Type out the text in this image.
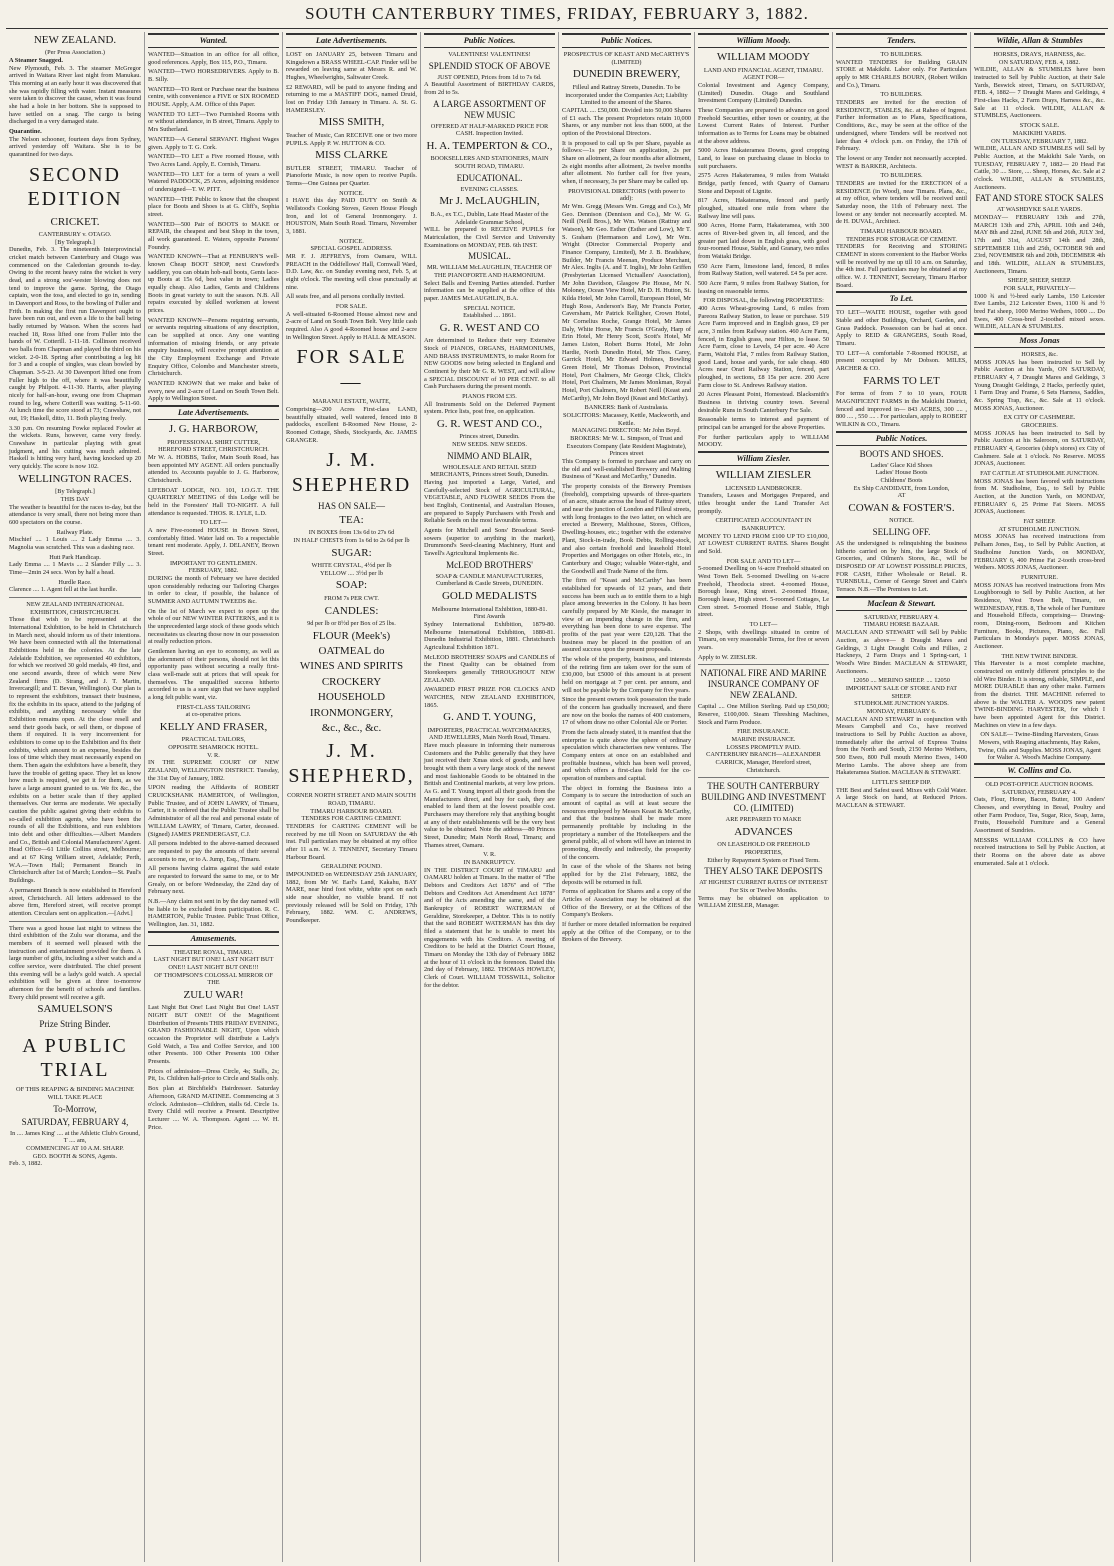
SOUTH CANTERBURY TIMES, FRIDAY, FEBRUARY 3, 1882.
NEW ZEALAND.
(Per Press Association.)
A Steamer Snagged.

New Plymouth, Feb. 3. The steamer McGregor arrived in Waitara River last night from Manukau. This morning at an early hour it was discovered that she was rapidly filling with water. Instant measures were taken to discover the cause, when it was found she had a hole in her bottom. She is supposed to have settled on a snag. The cargo is being discharged in a very damaged state.

Quarantine.

The Nelson schooner, fourteen days from Sydney, arrived yesterday off Waitara. She is to be quarantined for two days.

SECOND EDITION
CRICKET.
CANTERBURY v. OTAGO.
[By Telegraph.]

Dunedin, Feb. 3. The nineteenth Interprovincial cricket match between Canterbury and Otago was commenced on the Caledonian grounds to-day. Owing to the recent heavy rains the wicket is very dead, and a strong sou'-wester blowing does not tend to improve the game. Spring, the Otago captain, won the toss, and elected to go in, sending in Davenport and Ross, to the bowling of Fuller and Frith. In making the first run Davenport ought to have been run out, and even a life to the ball being badly returned by Watson. When the scores had reached 18, Ross lifted one from Fuller into the hands of W. Cotterill. 1-11-18. Collinson received two balls from Chapman and played the third on his wicket. 2-0-18. Spring after contributing a leg hit for 3 and a couple of singles, was clean bowled by Chapman. 3-5-23. At 30 Davenport lifted one from Fuller high to the off, where it was beautifully caught by Philpott. 4-11-30. Harris, after playing nicely for half-an-hour, swung one from Chapman round to leg, where Cotterill was waiting. 5-11-60. At lunch time the score stood at 73; Crawshaw, not out, 19; Haskell, ditto, 11. Both playing freely.

3.30 p.m. On resuming Fowke replaced Fowler at the wickets. Runs, however, came very freely. Crawshaw in particular playing with great judgment, and his cutting was much admired. Haskell is hitting very hard, having knocked up 20 very quickly. The score is now 102.

WELLINGTON RACES.
[By Telegraph.]
THIS DAY

The weather is beautiful for the races to-day, but the attendance is very small, there not being more than 600 spectators on the course.

Railway Plate.

Mischief .... 1 Louis .... 2 Lady Emma .... 3. Magnolia was scratched. This was a dashing race.

Hutt Park Handicap.

Lady Emma .... 1 Mavis .... 2 Slander Filly .... 3. Time—2min 24 secs. Won by half a head.

Hurdle Race.

Clarence .... 1. Agent fell at the last hurdle.

NEW ZEALAND INTERNATIONAL EXHIBITION, CHRISTCHURCH.

Those that wish to be represented at the International Exhibition, to be held in Christchurch in March next, should inform us of their intentions. We have been connected with all the International Exhibitions held in the colonies. At the late Adelaide Exhibition, we represented 40 exhibitors, for which we received 30 gold medals, 49 first, and one second awards, three of which were New Zealand firms (D. Strang, and J. T. Martin, Invercargill; and T. Bevan, Wellington). Our plan is to represent the exhibitors, transact their business, fix the exhibits in its space, attend to the judging of exhibits, and anything necessary while the Exhibition remains open. At the close resell and send their goods back, or sell them, or dispose of them if required. It is very inconvenient for exhibitors to come up to the Exhibition and fix their exhibits, which amount to an expense, besides the loss of time which they must necessarily expend on them. Then again the exhibitors have a benefit, they have the trouble of getting space. They let us know how much is required, we get it for them, as we have a large amount granted to us. We fix &c., the exhibits on a better scale than if they applied themselves. Our terms are moderate. We specially caution the public against giving their exhibits to so-called exhibition agents, who have been the rounds of all the Exhibitions, and run exhibitors into debt and other difficulties.—Albert Manders and Co., British and Colonial Manufacturers' Agent. Head Office—61 Little Collins street, Melbourne; and at 67 King William street, Adelaide; Perth, W.A.—Town Hall; Permanent Branch in Christchurch after 1st of March; London—St. Paul's Buildings.

A permanent Branch is now established in Hereford street, Christchurch. All letters addressed to the above firm, Hereford street, will receive prompt attention. Circulars sent on application.—[Advt.]

There was a good house last night to witness the third exhibition of the Zulu war diorama, and the members of it seemed well pleased with the instruction and entertainment provided for them. A large number of gifts, including a silver watch and a coffee service, were distributed. The chief present this evening will be a lady's gold watch. A special exhibition will be given at three to-morrow afternoon for the benefit of schools and families. Every child present will receive a gift.

SAMUELSON'S
Prize String Binder.
A PUBLIC TRIAL
OF THIS REAPING & BINDING MACHINE WILL TAKE PLACE
To-Morrow,
SATURDAY, FEBRUARY 4,
In .... James King' .... at the Athletic Club's Ground, T .... am,
COMMENCING AT 10 A.M. SHARP.
GEO. BOOTH & SONS, Agents.

Feb. 3, 1882.

Wanted.

WANTED—Situation in an office for all office, good references. Apply, Box 115, P.O., Timaru.

WANTED—TWO HORSEDRIVERS. Apply to B. B. Silly.

WANTED—TO Rent or Purchase near the business centre, with convenience a FIVE or SIX ROOMED HOUSE. Apply, A.M. Office of this Paper.

WANTED TO LET—Two Furnished Rooms with or without attendance, in B street, Timaru. Apply to Mrs Sutherland.

WANTED—A General SERVANT. Highest Wages given. Apply to T. G. Cork.

WANTED—TO LET a Five roomed House, with Two Acres Land. Apply, E. Cornish, Timaru.

WANTED—TO LET for a term of years a well Watered PADDOCK, 25 Acres, adjoining residence of undersigned—T. W. PITT.

WANTED—THE Public to know that the cheapest place for Boots and Shoes is at G. Cliff's, Sophia street.

WANTED—500 Pair of BOOTS to MAKE or REPAIR, the cheapest and best Shop in the town, all work guaranteed. E. Waters, opposite Parsons' Foundry.

WANTED KNOWN—That at FENBURN'S well-known Cheap BOOT SHOP, next Crawford's saddlery, you can obtain hob-nail boots, Gents lace-up Boots at 15s 6d, best value in town; Ladies equally cheap. Also Ladies, Gents and Childrens Boots in great variety to suit the season. N.B. All repairs executed by skilled workmen at lowest prices.

WANTED KNOWN—Persons requiring servants, or servants requiring situations of any description, can be supplied at once. Any one wanting information of missing friends, or any private enquiry business, will receive prompt attention at the City Employment Exchange and Private Enquiry Office, Colombo and Manchester streets, Christchurch.

WANTED KNOWN that we make and bake of every, new and 2-acre of Land on South Town Belt. Apply to Wellington Street.

Late Advertisements.
J. G. HARBOROW,
PROFESSIONAL SHIRT CUTTER,
HEREFORD STREET, CHRISTCHURCH.

Mr W. A. HOBBS, Tailor, Main South Road, has been appointed MY AGENT. All orders punctually attended to. Accounts payable to J. G. Harborow, Christchurch.

LIFEBOAT LODGE, NO. 101, I.O.G.T. THE QUARTERLY MEETING of this Lodge will be held in the Foresters' Hall TO-NIGHT. A full attendance is requested. THOS. R. LYLE, L.D.

TO LET—

A new Five-roomed HOUSE in Brown Street, comfortably fitted. Water laid on. To a respectable tenant rent moderate. Apply, J. DELANEY, Brown Street.

IMPORTANT TO GENTLEMEN.
FEBRUARY, 1882.

DURING the month of February we have decided upon considerably reducing our Tailoring Charges in order to clear, if possible, the balance of SUMMER AND AUTUMN TWEEDS &c.

On the 1st of March we expect to open up the whole of our NEW WINTER PATTERNS, and it is the unprecedented large stock of these goods which necessitates us clearing those now in our possession at really reduction prices.

Gentlemen having an eye to economy, as well as the adornment of their persons, should not let this opportunity pass without securing a really first-class well-made suit at prices that will speak for themselves. The unqualified success hitherto accorded to us is a sure sign that we have supplied a long felt public want, viz.

FIRST-CLASS TAILORING
at co-operative prices.
KELLY AND FRASER,
PRACTICAL TAILORS,
OPPOSITE SHAMROCK HOTEL.
V. R.

IN THE SUPREME COURT OF NEW ZEALAND, WELLINGTON DISTRICT. Tuesday, the 31st Day of January, 1882.

UPON reading the Affidavits of ROBERT CRUICKSHANK HAMERTON, of Wellington, Public Trustee, and of JOHN LAWRY, of Timaru, Carter, it is ordered that the Public Trustee shall be Administrator of all the real and personal estate of WILLIAM LAWRY, of Timaru, Carter, deceased. (Signed) JAMES PRENDERGAST, C.J.

All persons indebted to the above-named deceased are requested to pay the amounts of their several accounts to me, or to A. Jump, Esq., Timaru.

All persons having claims against the said estate are requested to forward the same to me, or to Mr Grealy, on or before Wednesday, the 22nd day of February next.

N.B.—Any claim not sent in by the day named will be liable to be excluded from participation. R. C. HAMERTON, Public Trustee. Public Trust Office, Wellington, Jan. 31, 1882.

Amusements.
THEATRE ROYAL, TIMARU.
LAST NIGHT BUT ONE! LAST NIGHT BUT ONE!! LAST NIGHT BUT ONE!!!
OF THOMPSON'S COLOSSAL MIRROR OF THE
ZULU WAR!

Last Night But One! Last Night But One! LAST NIGHT BUT ONE!! Of the Magnificent Distribution of Presents THIS FRIDAY EVENING, GRAND FASHIONABLE NIGHT, Upon which occasion the Proprietor will distribute a Lady's Gold Watch, a Tea and Coffee Service, and 100 other Presents. 100 Other Presents 100 Other Presents.

Prices of admission—Dress Circle, 4s; Stalls, 2s; Pit, 1s. Children half-price to Circle and Stalls only.

Box plan at Birchfield's Hairdresser. Saturday Afternoon, GRAND MATINEE. Commencing at 3 o'clock. Admission—Children, stalls 6d. Circle 1s. Every Child will receive a Present. Descriptive Lecturer .... W. A. Thompson. Agent .... W. H. Price.

Late Advertisements.

LOST on JANUARY 25, between Timaru and Kingsdown a BRASS WHEEL-CAP. Finder will be rewarded on leaving same at Messrs R. and W. Hughes, Wheelwrights, Saltwater Creek.

£2 REWARD, will be paid to anyone finding and returning to me a MASTIFF DOG, named Druid, lost on Friday 13th January in Timaru. A. St. G. HAMERSLEY.

MISS SMITH,

Teacher of Music, Can RECEIVE one or two more PUPILS. Apply P. W. HUTTON & CO.

MISS CLARKE

BUTLER STREET, TIMARU. Teacher of Pianoforte Music, is now open to receive Pupils. Terms—One Guinea per Quarter.

NOTICE.

I HAVE this day PAID DUTY on Smith & Wellstood's Cooking Stoves, Green House Plough Iron, and lot of General Ironmongery. J. HOUSTON, Main South Road. Timaru, November 3, 1881.

NOTICE.
SPECIAL GOSPEL ADDRESS.

MR F. J. JEFFREYS, from Oamaru, WILL PREACH in the Oddfellows' Hall, Cornwall Ward, D.D. Law, &c. on Sunday evening next, Feb. 5, at eight o'clock. The meeting will close punctually at nine.

All seats free, and all persons cordially invited.

FOR SALE.

A well-situated 6-Roomed House almost new and 2-acre of Land on South Town Belt. Very little cash required. Also A good 4-Roomed house and 2-acre in Wellington Street. Apply to HALL & MEASON.

FOR SALE—
MARANUI ESTATE, WAITE,

Comprising—200 Acres First-class LAND, beautifully situated, well watered, fenced into 8 paddocks, excellent 8-Roomed New House, 2-Roomed Cottage, Sheds, Stockyards, &c. JAMES GRANGER.

J. M. SHEPHERD
HAS ON SALE—
TEA:
IN BOXES from 13s 6d to 27s 6d
IN HALF CHESTS from 1s 6d to 2s 6d per lb
SUGAR:
WHITE CRYSTAL, 4½d per lb
YELLOW .... 3½d per lb
SOAP:
FROM 7s PER CWT.
CANDLES:
9d per lb or 8½d per Box of 25 lbs.
FLOUR (Meek's)
OATMEAL do
WINES AND SPIRITS
CROCKERY
HOUSEHOLD
IRONMONGERY,
&c., &c., &c.
J. M. SHEPHERD,
CORNER NORTH STREET AND MAIN SOUTH ROAD, TIMARU.
TIMARU HARBOUR BOARD.
TENDERS FOR CARTING CEMENT.

TENDERS for CARTING CEMENT will be received by me till Noon on SATURDAY the 4th inst. Full particulars may be obtained at my office after 11 a.m. W. J. TENNENT, Secretary Timaru Harbour Board.

GERALDINE POUND.

IMPOUNDED on WEDNESDAY 25th JANUARY, 1882, from Mr W. Earl's Land, Kakahu, BAY MARE, near hind foot white, white spot on each side near shoulder, no visible brand. If not previously released will be Sold on Friday, 17th February, 1882. WM. C. ANDREWS, Poundkeeper.

Public Notices.
VALENTINES! VALENTINES!
SPLENDID STOCK OF ABOVE
JUST OPENED, Prices from 1d to 7s 6d.

A Beautiful Assortment of BIRTHDAY CARDS, from 2d to 5s.

A LARGE ASSORTMENT OF NEW MUSIC
OFFERED AT HALF-MARKED PRICE FOR CASH. Inspection Invited.
H. A. TEMPERTON & CO.,
BOOKSELLERS AND STATIONERS, MAIN SOUTH ROAD, TIMARU.
EDUCATIONAL.
EVENING CLASSES.
Mr J. McLAUGHLIN,
B.A., ex T.C., Dublin, Late Head Master of the Adelaide Grammar School,

WILL be prepared to RECEIVE PUPILS for Matriculation, the Civil Service and University Examinations on MONDAY, FEB. 6th INST.

MUSICAL.
MR. WILLIAM McLAUGHLIN, TEACHER OF THE PIANOFORTE AND HARMONIUM.

Select Balls and Evening Parties attended. Further information can be supplied at the office of this paper. JAMES McLAUGHLIN, B.A.

SPECIAL NOTICE.
Established .... 1861.
G. R. WEST AND CO

Are determined to Reduce their very Extensive Stock of PIANOS, ORGANS, HARMONIUMS, AND BRASS INSTRUMENTS, to make Room for NEW GOODS now being selected in England and Continent by their Mr G. R. WEST, and will allow a SPECIAL DISCOUNT of 10 PER CENT. to all Cash Purchasers during the present month.

PIANOS FROM £35.

All Instruments Sold on the Deferred Payment system. Price lists, post free, on application.

G. R. WEST AND CO.,
Princes street, Dunedin.
NEW SEEDS. NEW SEEDS.
NIMMO AND BLAIR,
WHOLESALE AND RETAIL SEED MERCHANTS, Princes street South, Dunedin.

Having just imported a Large, Varied, and Carefully-selected Stock of AGRICULTURAL, VEGETABLE, AND FLOWER SEEDS From the best English, Continental, and Australian Houses, are prepared to Supply Purchasers with Fresh and Reliable Seeds on the most favourable terms.

Agents for Mitchell and Sons' Broadcast Seed-sowers (superior to anything in the market), Drummond's Seed-cleaning Machinery, Hunt and Tawell's Agricultural Implements &c.

McLEOD BROTHERS'
SOAP & CANDLE MANUFACTURERS, Cumberland & Castle Streets, DUNEDIN.
GOLD MEDALISTS
Melbourne International Exhibition, 1880-81.
First Awards

Sydney International Exhibition, 1879-80. Melbourne International Exhibition, 1880-81. Dunedin Industrial Exhibition, 1881. Christchurch Agricultural Exhibition 1871.

McLEOD BROTHERS' SOAPS and CANDLES of the Finest Quality can be obtained from Storekeepers generally THROUGHOUT NEW ZEALAND.

AWARDED FIRST PRIZE FOR CLOCKS AND WATCHES, NEW ZEALAND EXHIBITION, 1865.

G. AND T. YOUNG,
IMPORTERS, PRACTICAL WATCHMAKERS, AND JEWELLERS, Main North Road, Timaru.

Have much pleasure in informing their numerous Customers and the Public generally that they have just received their Xmas stock of goods, and have brought with them a very large stock of the newest and most fashionable Goods to be obtained in the British and Continental markets, at very low prices. As G. and T. Young import all their goods from the Manufacturers direct, and buy for cash, they are enabled to land them at the lowest possible cost. Purchasers may therefore rely that anything bought at any of their establishments will be the very best value to be obtained. Note the address—80 Princes Street, Dunedin; Main North Road, Timaru; and Thames street, Oamaru.

V. R.
IN BANKRUPTCY.

IN THE DISTRICT COURT of TIMARU and OAMARU holden at Timaru. In the matter of "The Debtors and Creditors Act 1876" and of "The Debtors and Creditors Act Amendment Act 1878" and of the Acts amending the same, and of the Bankruptcy of ROBERT WATERMAN of Geraldine, Storekeeper, a Debtor. This is to notify that the said ROBERT WATERMAN has this day filed a statement that he is unable to meet his engagements with his Creditors. A meeting of Creditors to be held at the District Court House, Timaru on Monday the 13th day of February 1882 at the hour of 11 o'clock in the forenoon. Dated this 2nd day of February, 1882. THOMAS HOWLEY, Clerk of Court. WILLIAM TOSSWILL, Solicitor for the debtor.

Public Notices.
PROSPECTUS OF KEAST AND McCARTHY'S (LIMITED)
DUNEDIN BREWERY,
Filleul and Rattray Streets, Dunedin. To be incorporated under the Companies Act; Liability Limited to the amount of the Shares.

CAPITAL .... £50,000. Divided into 50,000 Shares of £1 each. The present Proprietors retain 10,000 Shares, or any number not less than 6000, at the option of the Provisional Directors.

It is proposed to call up 9s per Share, payable as follows:—1s per Share on application, 2s per Share on allotment, 2s four months after allotment, 2s eight months after allotment, 2s twelve months after allotment. No further call for five years, when, if necessary, 3s per Share may be called up.

PROVISIONAL DIRECTORS (with power to add):

Mr Wm. Gregg (Messrs Wm. Gregg and Co.), Mr Geo. Dennison (Dennison and Co.), Mr W. G. Neill (Neill Bros.), Mr Wm. Watson (Rattray and Watson), Mr Geo. Esther (Esther and Low), Mr T. S. Graham (Hermanson and Low), Mr Wm. Wright (Director Commercial Property and Finance Company, Limited), Mr J. B. Bradshaw, Builder, Mr Francis Meenan, Produce Merchant, Mr Alex. Inglis (A. and T. Inglis), Mr John Griffen (Presbyterian Licensed Victuallers' Association), Mr John Davidson, Glasgow Pie House, Mr N. Moloney, Ocean View Hotel, Mr D. H. Hutton, St. Kilda Hotel, Mr John Carroll, European Hotel, Mr Hugh Ross, Anderson's Bay, Mr Francis Porter, Caversham, Mr Patrick Kelligher, Crown Hotel, Mr Cornelius Roche, Grange Hotel, Mr James Daly, White Horse, Mr Francis O'Grady, Harp of Erin Hotel, Mr Henry Scott, Scott's Hotel, Mr James Liston, Robert Burns Hotel, Mr John Hardie, North Dunedin Hotel, Mr Thos. Carey, Garrick Hotel, Mr Edward Holmes, Bowling Green Hotel, Mr Thomas Dobson, Provincial Hotel, Port Chalmers, Mr George Click, Click's Hotel, Port Chalmers, Mr James Monkman, Royal Hotel, Port Chalmers, Mr Robert Neill (Keast and McCarthy), Mr John Boyd (Keast and McCarthy).

BANKERS: Bank of Australasia.
SOLICITORS: Macassey, Kettle, Mackworth, and Kettle.
MANAGING DIRECTOR: Mr John Boyd.
BROKERS: Mr W. L. Simpson, of Trust and Executors Company (late Resident Magistrate), Princes street

This Company is formed to purchase and carry on the old and well-established Brewery and Malting Business of "Keast and McCarthy," Dunedin.

The property consists of the Brewery Premises (freehold), comprising upwards of three-quarters of an acre, situate across the head of Rattray street, and near the junction of London and Filleul streets, with long frontages to the two latter, on which are erected a Brewery, Malthouse, Stores, Offices, Dwelling-houses, etc.; together with the extensive Plant, Stock-in-trade, Book Debts, Rolling-stock, and also certain freehold and leasehold Hotel Properties and Mortgages on other Hotels, etc., in Canterbury and Otago; valuable Water-right, and the Goodwill and Trade Name of the firm.

The firm of "Keast and McCarthy" has been established for upwards of 12 years, and their success has been such as to entitle them to a high place among breweries in the Colony. It has been carefully prepared by Mr Kiesle, the manager in view of an impending change in the firm, and everything has been done to save expense. The profits of the past year were £20,128. That the business may be placed in the position of an assured success upon the present proposals.

The whole of the property, business, and interests of the retiring firm are taken over for the sum of £30,000, but £5000 of this amount is at present held on mortgage at 7 per cent. per annum, and will not be payable by the Company for five years.

Since the present owners took possession the trade of the concern has gradually increased, and there are now on the books the names of 400 customers, 17 of whom draw no other Colonial Ale or Porter.

From the facts already stated, it is manifest that the enterprise is quite above the sphere of ordinary speculation which characterises new ventures. The Company enters at once on an established and profitable business, which has been well proved, and which offers a first-class field for the co-operation of numbers and capital.

The object in forming the Business into a Company is to secure the introduction of such an amount of capital as will at least secure the resources employed by Messrs Keast & McCarthy, and that the business shall be made more permanently profitable by including in the proprietary a number of the Hotelkeepers and the general public, all of whom will have an interest in promoting, directly and indirectly, the prosperity of the concern.

In case of the whole of the Shares not being applied for by the 21st February, 1882, the deposits will be returned in full.

Forms of application for Shares and a copy of the Articles of Association may be obtained at the Office of the Brewery, or at the Offices of the Company's Brokers.

If further or more detailed information be required apply at the Office of the Company, or to the Brokers of the Brewery.

William Moody.
WILLIAM MOODY
LAND AND FINANCIAL AGENT, TIMARU.
AGENT FOR—

Colonial Investment and Agency Company, (Limited) Dunedin. Otago and Southland Investment Company (Limited) Dunedin.

These Companies are prepared to advance on good Freehold Securities, either town or country, at the Lowest Current Rates of Interest. Further information as to Terms for Loans may be obtained at the above address.

5000 Acres Hakateramea Downs, good cropping Land, to lease on purchasing clause in blocks to suit purchasers.

2575 Acres Hakateramea, 9 miles from Waitaki Bridge, partly fenced, with Quarry of Oamaru Stone and Deposit of Lignite.

817 Acres, Hakateramea, fenced and partly ploughed, situated one mile from where the Railway line will pass.

900 Acres, Home Farm, Hakateramea, with 300 acres of River-bed given in, all fenced, and the greater part laid down in English grass, with good four-roomed House, Stable, and Granary, two miles from Waitaki Bridge.

650 Acre Farm, limestone land, fenced, 8 miles from Railway Station, well watered. £4 5s per acre.

500 Acre Farm, 9 miles from Railway Station, for leasing on reasonable terms.

FOR DISPOSAL, the following PROPERTIES:

400 Acres Wheat-growing Land, 6 miles from Pareora Railway Station, to lease or purchase. 519 Acre Farm improved and in English grass, £9 per acre, 3 miles from Railway station. 460 Acre Farm, fenced, in English grass, near Hilton, to lease. 50 Acre Farm, close to Levels, £4 per acre. 40 Acre Farm, Waitohi Flat, 7 miles from Railway Station, good Land, house and yards, for sale cheap. 480 Acres near Orari Railway Station, fenced, part ploughed, in sections, £8 15s per acre. 200 Acre Farm close to St. Andrews Railway station.

20 Acres Pleasant Point, Homestead. Blacksmith's Business in thriving country town. Several desirable Runs in South Canterbury For Sale.

Reasonable terms to interest and payment of principal can be arranged for the above Properties.

For further particulars apply to WILLIAM MOODY.

William Ziesler.
WILLIAM ZIESLER
LICENSED LANDBROKER.

Transfers, Leases and Mortgages Prepared, and titles brought under the Land Transfer Act promptly.

CERTIFICATED ACCOUNTANT IN BANKRUPTCY.

MONEY TO LEND FROM £100 UP TO £10,000, AT LOWEST CURRENT RATES. Shares Bought and Sold.

FOR SALE AND TO LET—

5-roomed Dwelling on ¼-acre Freehold situated on West Town Belt. 5-roomed Dwelling on ¼-acre Freehold, Theodocia street. 4-roomed House, Borough lease, King street. 2-roomed House, Borough lease, High street. 5-roomed Cottages, Le Cren street. 5-roomed House and Stable, High street.

TO LET—

2 Shops, with dwellings situated in centre of Timaru, on very reasonable Terms, for five or seven years.

Apply to W. ZIESLER.

NATIONAL FIRE AND MARINE INSURANCE COMPANY OF NEW ZEALAND.

Capital .... One Million Sterling. Paid up £50,000; Reserve, £100,000. Steam Threshing Machines, Stock and Farm Produce.

FIRE INSURANCE.
MARINE INSURANCE.
LOSSES PROMPTLY PAID.
CANTERBURY BRANCH—ALEXANDER CARRICK, Manager, Hereford street, Christchurch.
THE SOUTH CANTERBURY BUILDING AND INVESTMENT CO. (LIMITED)
ARE PREPARED TO MAKE
ADVANCES
ON LEASEHOLD OR FREEHOLD PROPERTIES,
Either by Repayment System or Fixed Term.
THEY ALSO TAKE DEPOSITS
AT HIGHEST CURRENT RATES OF INTEREST
For Six or Twelve Months.

Terms may be obtained on application to WILLIAM ZIESLER, Manager.

Tenders.
TO BUILDERS.

WANTED TENDERS for Building GRAIN STORE at Makikihi. Labor only. For Particulars apply to MR CHARLES BOURN, (Robert Wilkin and Co.), Timaru.

TO BUILDERS.

TENDERS are invited for the erection of RESIDENCE, STABLES, &c. at Raheo of Ingrest. Further information as to Plans, Specifications, Conditions, &c., may be seen at the office of the undersigned, where Tenders will be received not later than 4 o'clock p.m. on Friday, the 17th of February.

The lowest or any Tender not necessarily accepted. WEST & BARKER, Architects.

TO BUILDERS.

TENDERS are invited for the ERECTION of a RESIDENCE (in Wood), near Timaru. Plans, &c., at my office, where tenders will be received until Saturday noon, the 11th of February next. The lowest or any tender not necessarily accepted. M. de H. DUVAL, Architect.

TIMARU HARBOUR BOARD.
TENDERS FOR STORAGE OF CEMENT.

TENDERS for Receiving and STORING CEMENT in stores convenient to the Harbor Works will be received by me up till 10 a.m. on Saturday, the 4th inst. Full particulars may be obtained at my office. W. J. TENNENT, Secretary, Timaru Harbor Board.

To Let.

TO LET—WAITE HOUSE, together with good Stable and other Buildings, Orchard, Garden, and Grass Paddock. Possession can be had at once. Apply to REID & GRANGERS, South Road, Timaru.

TO LET—A comfortable 7-Roomed HOUSE, at present occupied by Mr Dobson. MILES, ARCHER & CO.

FARMS TO LET

For terms of from 7 to 10 years, FOUR MAGNIFICENT FARMS in the Makikihi District, fenced and improved in— 843 ACRES, 300 .... , 800 .... , 550 .... . For particulars, apply to ROBERT WILKIN & CO., Timaru.

Public Notices.
BOOTS AND SHOES.
Ladies' Glace Kid Shoes
Ladies' House Boots
Childrens' Boots
Ex Ship CANDIDATE, from London,
AT
COWAN & FOSTER'S.
NOTICE.
SELLING OFF.

AS the undersigned is relinquishing the business hitherto carried on by him, the large Stock of Groceries, and Oilmen's Stores, &c., will be DISPOSED OF AT LOWEST POSSIBLE PRICES, FOR CASH, Either Wholesale or Retail. R. TURNBULL, Corner of George Street and Cain's Terrace. N.B.—The Premises to Let.

Maclean & Stewart.
SATURDAY, FEBRUARY 4.
TIMARU HORSE BAZAAR.

MACLEAN AND STEWART will Sell by Public Auction, as above— 8 Draught Mares and Geldings, 3 Light Draught Colts and Fillies, 2 Hackneys, 2 Farm Drays and 1 Spring-cart, 1 Wood's Wire Binder. MACLEAN & STEWART, Auctioneers.

12050 .... MERINO SHEEP. .... 12050
IMPORTANT SALE OF STORE AND FAT SHEEP.
STUDHOLME JUNCTION YARDS.
MONDAY, FEBRUARY 6.

MACLEAN AND STEWART in conjunction with Messrs Campbell and Co., have received instructions to Sell by Public Auction as above, immediately after the arrival of Express Trains from the North and South, 2150 Merino Wethers, 500 Ewes, 800 Full mouth Merino Ewes, 1400 Merino Lambs. The above sheep are from Hakateramea Station. MACLEAN & STEWART.

LITTLE'S SHEEP DIP.

THE Best and Safest used. Mixes with Cold Water. A large Stock on hand, at Reduced Prices. MACLEAN & STEWART.

Wildie, Allan & Stumbles
HORSES, DRAYS, HARNESS, &c.
ON SATURDAY, FEB. 4, 1882.

WILDIE, ALLAN & STUMBLES have been instructed to Sell by Public Auction, at their Sale Yards, Beswick street, Timaru, on SATURDAY, FEB. 4, 1882— 7 Draught Mares and Geldings, 4 First-class Hacks, 2 Farm Drays, Harness &c., &c. Sale at 11 o'clock. WILDIE, ALLAN & STUMBLES, Auctioneers.

STOCK SALE.
MAKIKIHI YARDS.
ON TUESDAY, FEBRUARY 7, 1882.

WILDIE, ALLAN AND STUMBLES will Sell by Public Auction, at the Makikihi Sale Yards, on TUESDAY, FEBRUARY 7, 1882— 20 Head Fat Cattle, 30 .... Store, .... Sheep, Horses, &c. Sale at 2 o'clock. WILDIE, ALLAN & STUMBLES, Auctioneers.

FAT AND STORE STOCK SALES
AT WASHDYKE SALE YARDS.

MONDAY— FEBRUARY 13th and 27th, MARCH 13th and 27th, APRIL 10th and 24th, MAY 8th and 22nd, JUNE 5th and 26th, JULY 3rd, 17th and 31st, AUGUST 14th and 28th, SEPTEMBER 11th and 25th, OCTOBER 9th and 23rd, NOVEMBER 6th and 20th, DECEMBER 4th and 18th. WILDIE, ALLAN & STUMBLES, Auctioneers, Timaru.

SHEEP, SHEEP, SHEEP.
FOR SALE, PRIVATELY—

1000 ¾ and ½-bred early Lambs, 150 Leicester Ewe Lambs, 212 Leicester Ewes, 1100 ¾ and ½ bred Fat sheep, 1000 Merino Wethers, 1000 .... Do Ewes, 400 Cross-bred 2-toothed mixed sexes. WILDIE, ALLAN & STUMBLES.

Moss Jonas
HORSES, &c.

MOSS JONAS has been instructed to Sell by Public Auction at his Yards, ON SATURDAY, FEBRUARY 4, 7 Draught Mares and Geldings, 3 Young Draught Geldings, 2 Hacks, perfectly quiet, 1 Farm Dray and Frame, 6 Sets Harness, Saddles, &c. Spring Trap, &c., &c. Sale at 11 o'clock. MOSS JONAS, Auctioneer.

EX CITY OF CASHMERE.
GROCERIES.

MOSS JONAS has been instructed to Sell by Public Auction at his Saleroom, on SATURDAY, FEBRUARY 4, Groceries (ship's stores) ex City of Cashmere. Sale at 1 o'clock. No Reserve. MOSS JONAS, Auctioneer.

FAT CATTLE AT STUDHOLME JUNCTION.

MOSS JONAS has been favored with instructions from M. Studholme, Esq., to Sell by Public Auction, at the Junction Yards, on MONDAY, FEBRUARY 6, 25 Prime Fat Steers. MOSS JONAS, Auctioneer.

FAT SHEEP.
AT STUDHOLME JUNCTION.

MOSS JONAS has received instructions from Pelham Jones, Esq., to Sell by Public Auction, at Studholme Junction Yards, on MONDAY, FEBRUARY 6, 400 Prime Fat 2-tooth cross-bred Wethers. MOSS JONAS, Auctioneer.

FURNITURE.

MOSS JONAS has received instructions from Mrs Loughborough to Sell by Public Auction, at her Residence, West Town Belt, Timaru, on WEDNESDAY, FEB. 8, The whole of her Furniture and Household Effects, comprising— Drawing-room, Dining-room, Bedroom and Kitchen Furniture, Books, Pictures, Piano, &c. Full Particulars in Monday's paper. MOSS JONAS, Auctioneer.

THE NEW TWINE BINDER.

This Harvester is a most complete machine, constructed on entirely different principles to the old Wire Binder. It is strong, reliable, SIMPLE, and MORE DURABLE than any other make. Farmers from the district. THE MACHINE referred to above is the WALTER A. WOOD'S new patent TWINE-BINDING HARVESTER, for which I have been appointed Agent for this District. Machines on view in a few days.

ON SALE— Twine-Binding Harvesters, Grass Mowers, with Reaping attachments, Hay Rakes, Twine, Oils and Supplies. MOSS JONAS, Agent for Walter A. Wood's Machine Company.
W. Collins and Co.
OLD POST-OFFICE AUCTION ROOMS.
SATURDAY, FEBRUARY 4.

Oats, Flour, Horse, Bacon, Butter, 100 Anders' Cheeses, and everything in Bread, Poultry and other Farm Produce, Tea, Sugar, Rice, Soap, Jams, Fruits, Household Furniture and a General Assortment of Sundries.

MESSRS WILLIAM COLLINS & CO have received instructions to Sell by Public Auction, at their Rooms on the above date as above enumerated. Sale at 1 o'clock.
